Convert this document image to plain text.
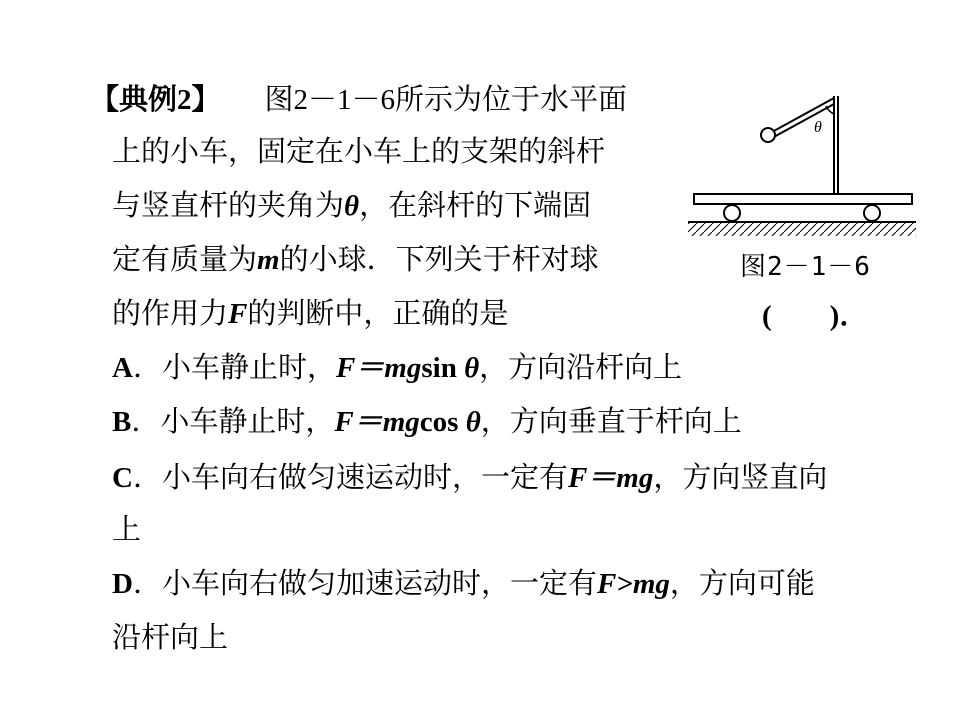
【典例2】 图2－1－6所示为位于水平面
上的小车，固定在小车上的支架的斜杆
与竖直杆的夹角为θ，在斜杆的下端固
定有质量为m的小球．下列关于杆对球
的作用力F的判断中，正确的是	(　　)．
θ
图2－1－6
A．小车静止时，F＝mgsin θ，方向沿杆向上
B．小车静止时，F＝mgcos θ，方向垂直于杆向上
C．小车向右做匀速运动时，一定有F＝mg，方向竖直向
上
D．小车向右做匀加速运动时，一定有F>mg，方向可能
沿杆向上
